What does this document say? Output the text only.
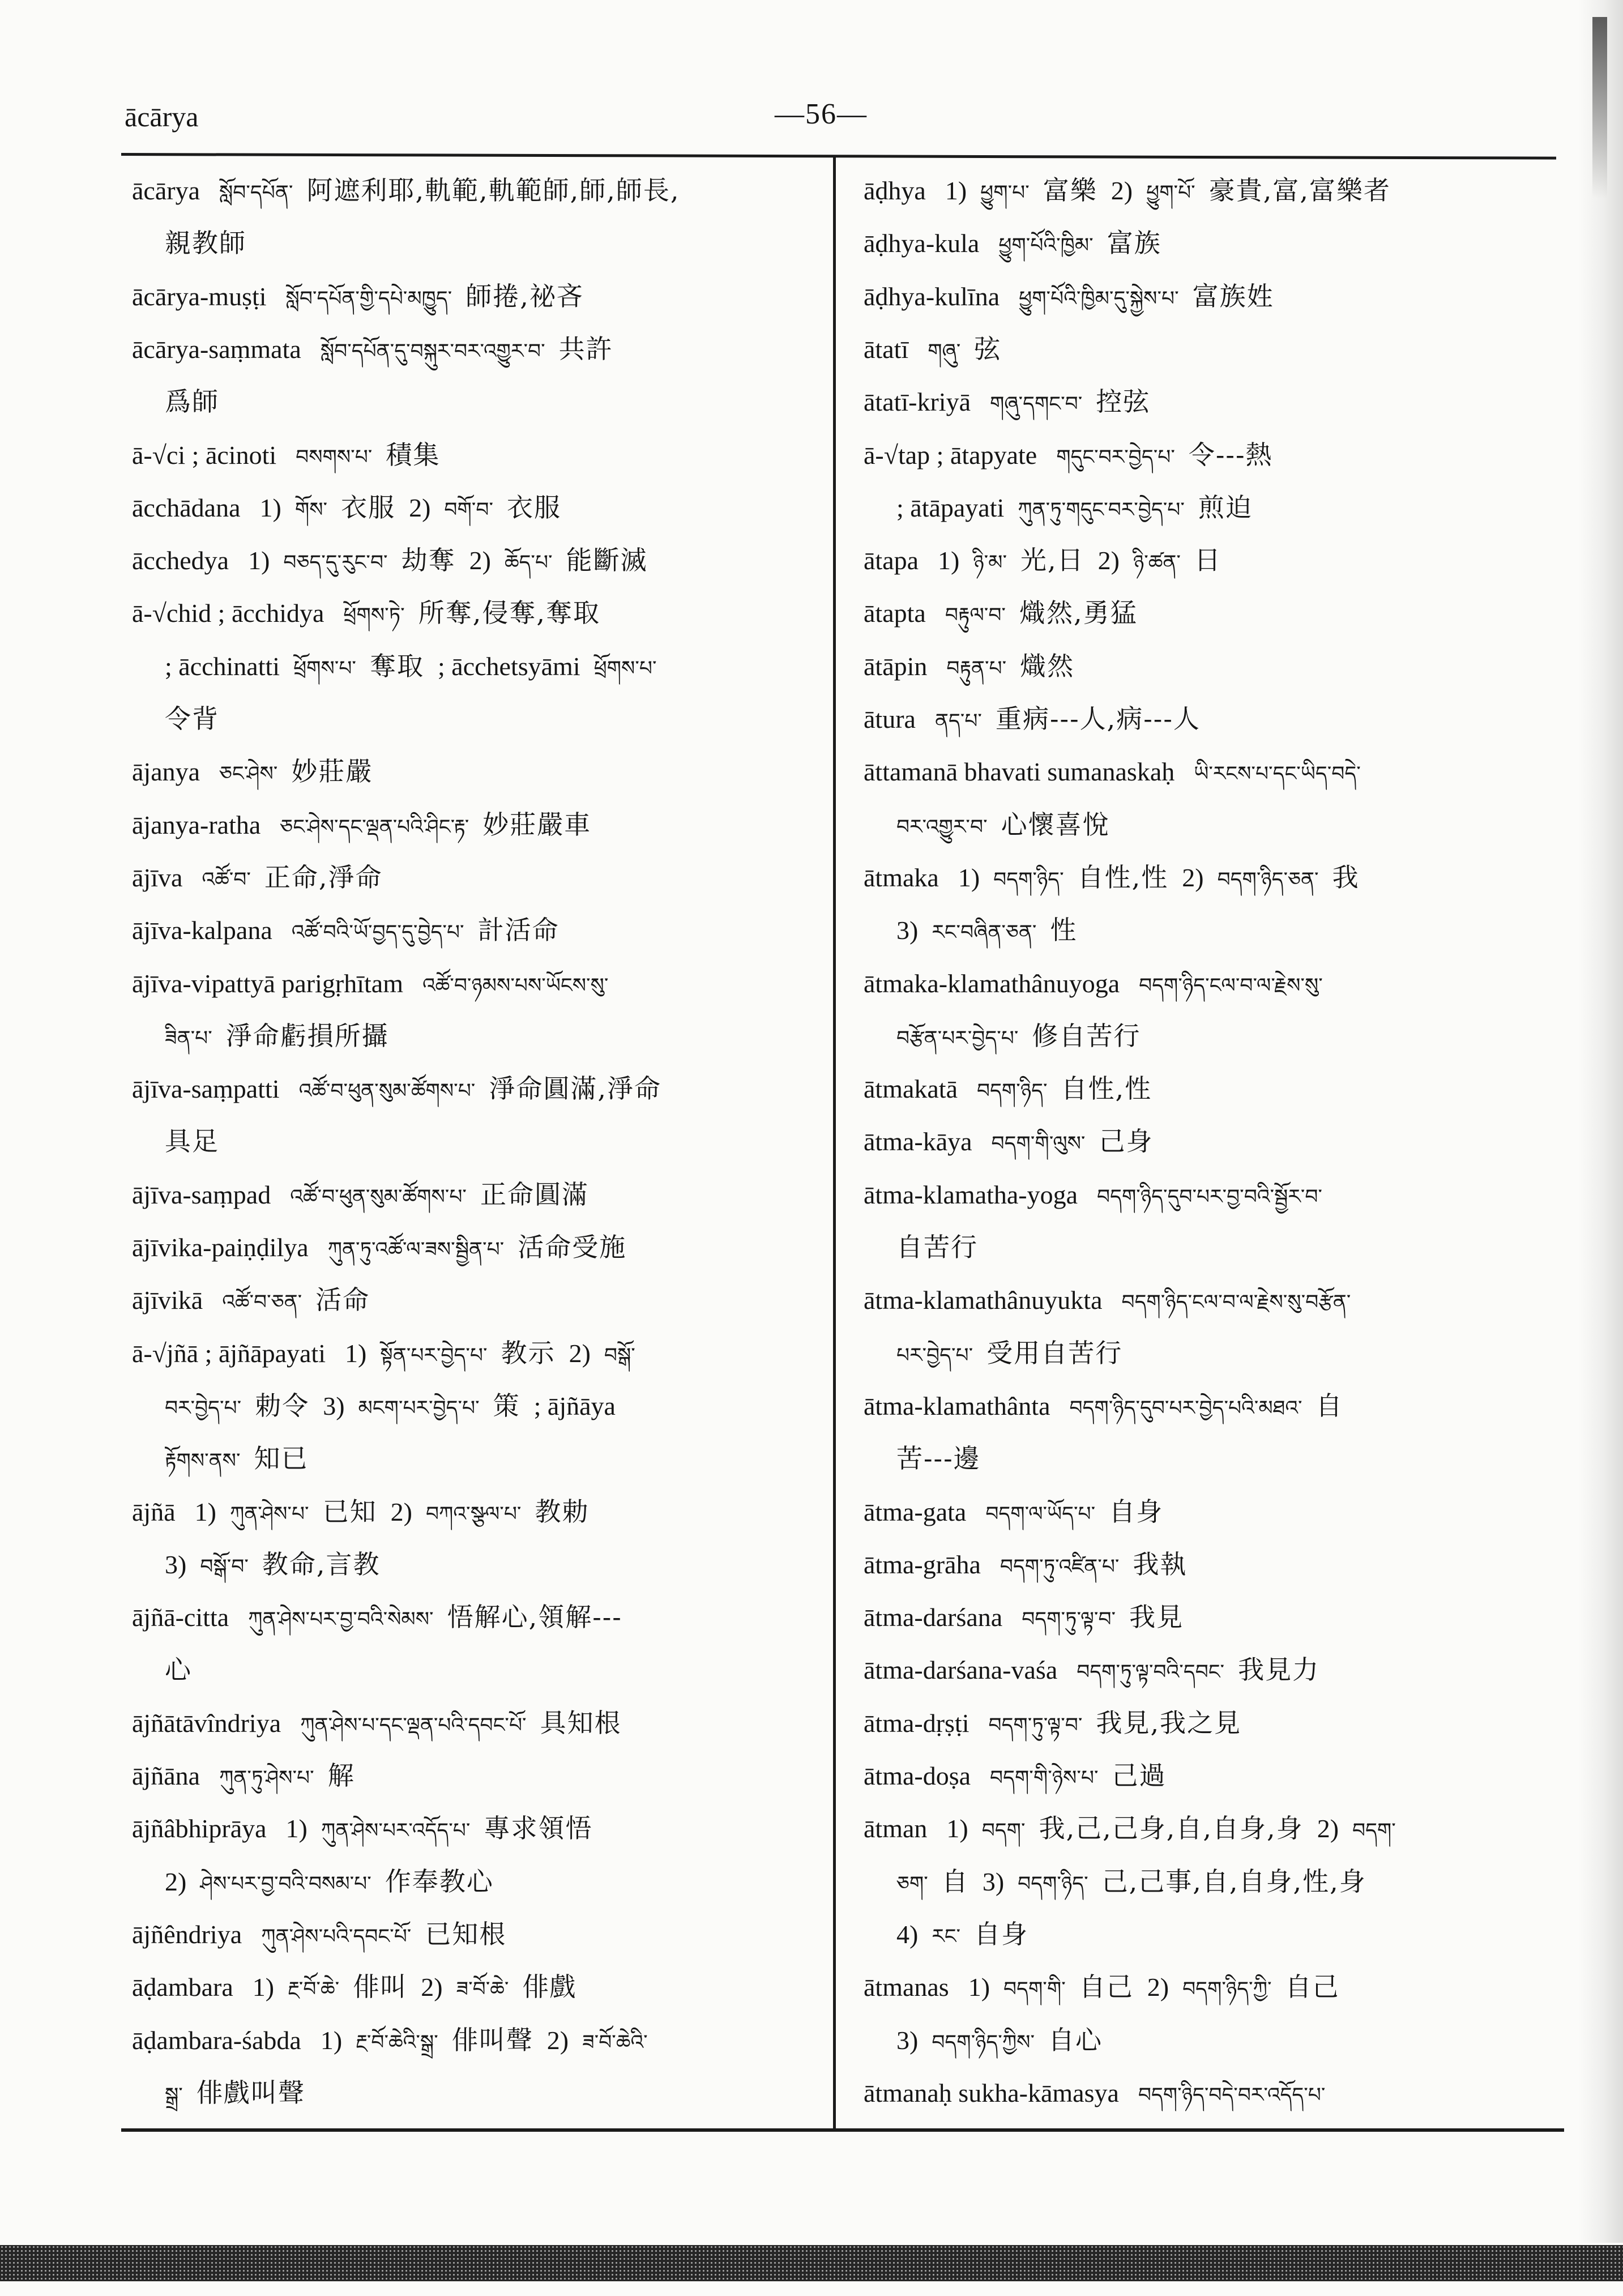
ācārya	—56—
ācārya སློབ་དཔོན་ 阿遮利耶,軌範,軌範師,師,師長,
親教師
ācārya-muṣṭi སློབ་དཔོན་གྱི་དཔེ་མཁྱུད་ 師捲,祕吝
ācārya-saṃmata སློབ་དཔོན་དུ་བསྐུར་བར་འགྱུར་བ་ 共許
爲師
ā-√ci ; ācinoti བསགས་པ་ 積集
ācchādana 1) གོས་ 衣服 2) བགོ་བ་ 衣服
ācchedya 1) བཅད་དུ་རུང་བ་ 劫奪 2) ཆོད་པ་ 能斷滅
ā-√chid ; ācchidya ཕྲོགས་ཏེ་ 所奪,侵奪,奪取
; ācchinatti ཕྲོགས་པ་ 奪取 ; ācchetsyāmi ཕྲོགས་པ་
令背
ājanya ཅང་ཤེས་ 妙莊嚴
ājanya-ratha ཅང་ཤེས་དང་ལྡན་པའི་ཤིང་རྟ་ 妙莊嚴車
ājīva འཚོ་བ་ 正命,淨命
ājīva-kalpana འཚོ་བའི་ཡོ་བྱད་དུ་བྱེད་པ་ 計活命
ājīva-vipattyā parigṛhītam འཚོ་བ་ཉམས་པས་ཡོངས་སུ་
ཟིན་པ་ 淨命虧損所攝
ājīva-saṃpatti འཚོ་བ་ཕུན་སུམ་ཚོགས་པ་ 淨命圓滿,淨命
具足
ājīva-saṃpad འཚོ་བ་ཕུན་སུམ་ཚོགས་པ་ 正命圓滿
ājīvika-paiṇḍilya ཀུན་ཏུ་འཚོ་ལ་ཟས་སྦྱིན་པ་ 活命受施
ājīvikā འཚོ་བ་ཅན་ 活命
ā-√jñā ; ājñāpayati 1) སྟོན་པར་བྱེད་པ་ 教示 2) བསྒོ་
བར་བྱེད་པ་ 勅令 3) མངག་པར་བྱེད་པ་ 策 ; ājñāya
རྟོགས་ནས་ 知已
ājñā 1) ཀུན་ཤེས་པ་ 已知 2) བཀའ་སྩལ་པ་ 教勅
3) བསྒོ་བ་ 教命,言教
ājñā-citta ཀུན་ཤེས་པར་བྱ་བའི་སེམས་ 悟解心,領解---
心
ājñātāvîndriya ཀུན་ཤེས་པ་དང་ལྡན་པའི་དབང་པོ་ 具知根
ājñāna ཀུན་ཏུ་ཤེས་པ་ 解
ājñâbhiprāya 1) ཀུན་ཤེས་པར་འདོད་པ་ 專求領悟
2) ཤེས་པར་བྱ་བའི་བསམ་པ་ 作奉教心
ājñêndriya ཀུན་ཤེས་པའི་དབང་པོ་ 已知根
āḍambara 1) རྔ་བོ་ཆེ་ 俳叫 2) ཟ་བོ་ཆེ་ 俳戲
āḍambara-śabda 1) རྔ་བོ་ཆེའི་སྒྲ་ 俳叫聲 2) ཟ་བོ་ཆེའི་
སྒྲ་ 俳戲叫聲
āḍhya 1) ཕྱུག་པ་ 富樂 2) ཕྱུག་པོ་ 豪貴,富,富樂者
āḍhya-kula ཕྱུག་པོའི་ཁྱིམ་ 富族
āḍhya-kulīna ཕྱུག་པོའི་ཁྱིམ་དུ་སྐྱེས་པ་ 富族姓
ātatī གཞུ་ 弦
ātatī-kriyā གཞུ་དགང་བ་ 控弦
ā-√tap ; ātapyate གདུང་བར་བྱེད་པ་ 令---熱
; ātāpayati ཀུན་ཏུ་གདུང་བར་བྱེད་པ་ 煎迫
ātapa 1) ཉི་མ་ 光,日 2) ཉི་ཚན་ 日
ātapta བརྟུལ་བ་ 熾然,勇猛
ātāpin བརྟུན་པ་ 熾然
ātura ནད་པ་ 重病---人,病---人
āttamanā bhavati sumanaskaḥ ཡི་རངས་པ་དང་ཡིད་བདེ་
བར་འགྱུར་བ་ 心懷喜悅
ātmaka 1) བདག་ཉིད་ 自性,性 2) བདག་ཉིད་ཅན་ 我
3) རང་བཞིན་ཅན་ 性
ātmaka-klamathânuyoga བདག་ཉིད་ངལ་བ་ལ་རྗེས་སུ་
བརྩོན་པར་བྱེད་པ་ 修自苦行
ātmakatā བདག་ཉིད་ 自性,性
ātma-kāya བདག་གི་ལུས་ 己身
ātma-klamatha-yoga བདག་ཉིད་དུབ་པར་བྱ་བའི་སྦྱོར་བ་
自苦行
ātma-klamathânuyukta བདག་ཉིད་ངལ་བ་ལ་རྗེས་སུ་བརྩོན་
པར་བྱེད་པ་ 受用自苦行
ātma-klamathânta བདག་ཉིད་དུབ་པར་བྱེད་པའི་མཐའ་ 自
苦---邊
ātma-gata བདག་ལ་ཡོད་པ་ 自身
ātma-grāha བདག་ཏུ་འཛིན་པ་ 我執
ātma-darśana བདག་ཏུ་ལྟ་བ་ 我見
ātma-darśana-vaśa བདག་ཏུ་ལྟ་བའི་དབང་ 我見力
ātma-dṛṣṭi བདག་ཏུ་ལྟ་བ་ 我見,我之見
ātma-doṣa བདག་གི་ཉེས་པ་ 己過
ātman 1) བདག་ 我,己,己身,自,自身,身 2) བདག་
ཅག་ 自 3) བདག་ཉིད་ 己,己事,自,自身,性,身
4) རང་ 自身
ātmanas 1) བདག་གི་ 自己 2) བདག་ཉིད་ཀྱི་ 自己
3) བདག་ཉིད་ཀྱིས་ 自心
ātmanaḥ sukha-kāmasya བདག་ཉིད་བདེ་བར་འདོད་པ་
